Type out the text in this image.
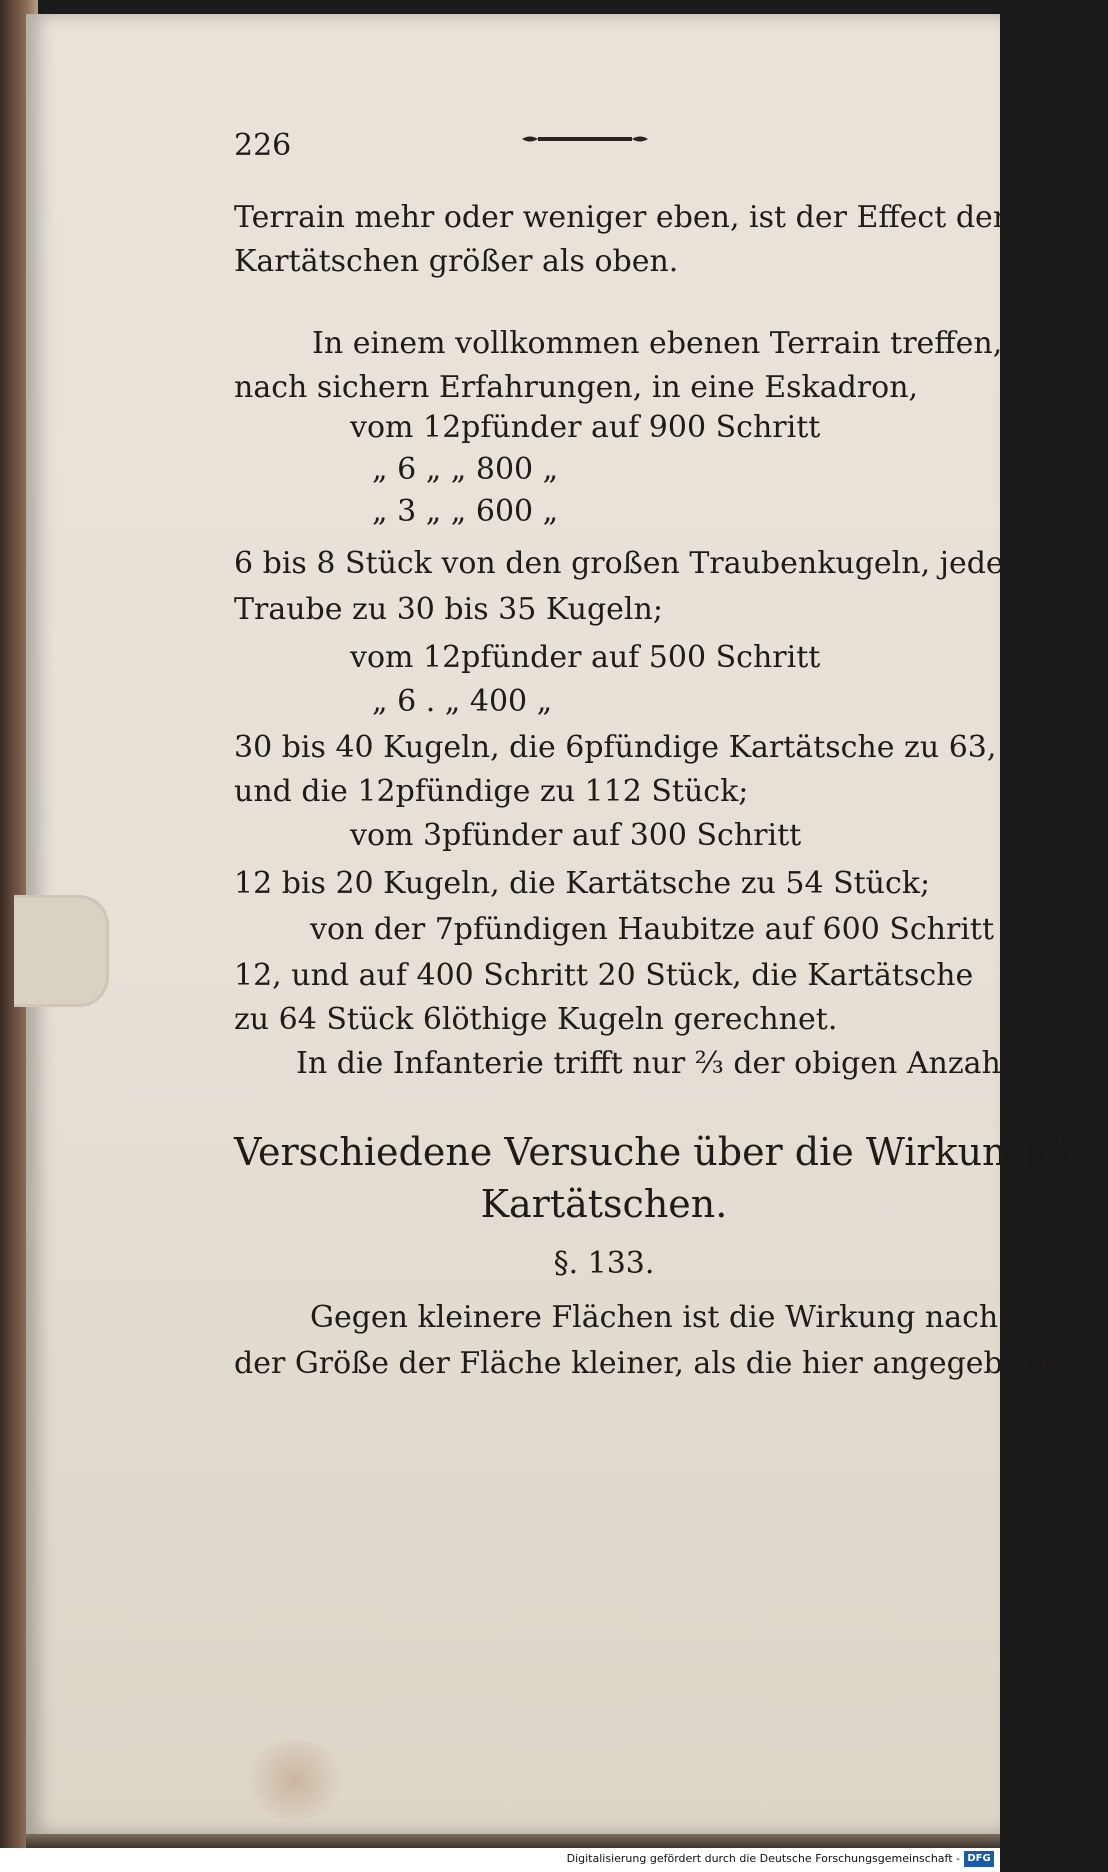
226
Terrain mehr oder weniger eben, ist der Effect der
Kartätschen größer als oben.
In einem vollkommen ebenen Terrain treffen,
nach sichern Erfahrungen, in eine Eskadron,
vom 12pfünder auf 900 Schritt
„ 6 „ „ 800 „
„ 3 „ „ 600 „
6 bis 8 Stück von den großen Traubenkugeln, jede
Traube zu 30 bis 35 Kugeln;
vom 12pfünder auf 500 Schritt
„ 6 . „ 400 „
30 bis 40 Kugeln, die 6pfündige Kartätsche zu 63,
und die 12pfündige zu 112 Stück;
vom 3pfünder auf 300 Schritt
12 bis 20 Kugeln, die Kartätsche zu 54 Stück;
von der 7pfündigen Haubitze auf 600 Schritt
12, und auf 400 Schritt 20 Stück, die Kartätsche
zu 64 Stück 6löthige Kugeln gerechnet.
In die Infanterie trifft nur ⅔ der obigen Anzahl.
Verschiedene Versuche über die Wirkung der
Kartätschen.
§. 133.
Gegen kleinere Flächen ist die Wirkung nach
der Größe der Fläche kleiner, als die hier angegebene.
Digitalisierung gefördert durch die Deutsche Forschungsgemeinschaft - DFG
